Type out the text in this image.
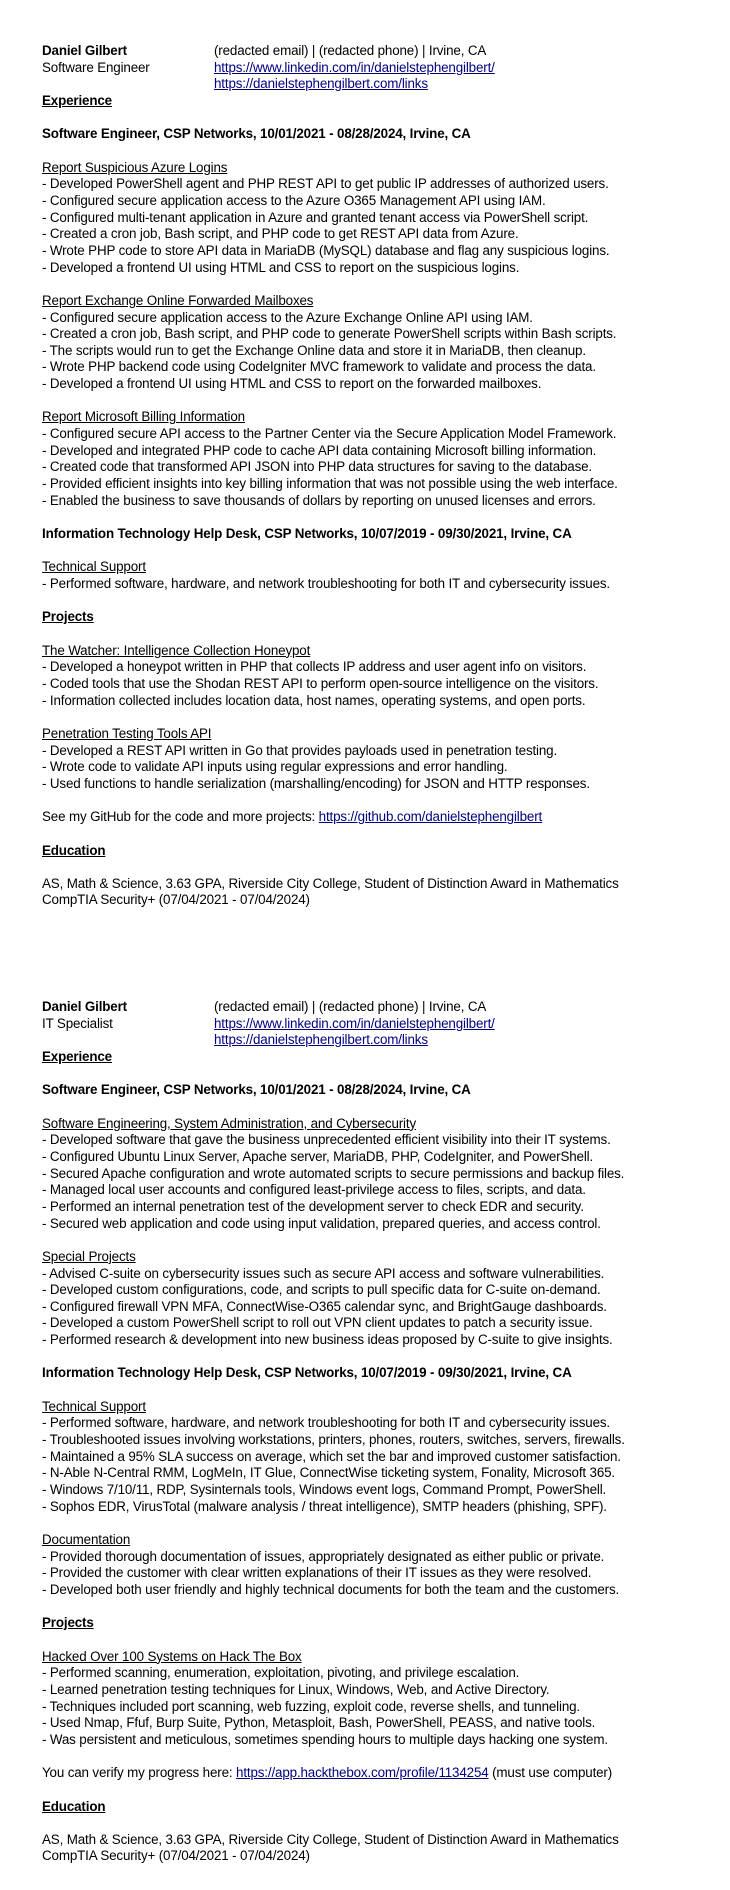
Daniel Gilbert
Software Engineer
(redacted email) | (redacted phone) | Irvine, CA
https://www.linkedin.com/in/danielstephengilbert/
https://danielstephengilbert.com/links
Experience
Software Engineer, CSP Networks, 10/01/2021 - 08/28/2024, Irvine, CA
Report Suspicious Azure Logins
- Developed PowerShell agent and PHP REST API to get public IP addresses of authorized users.
- Configured secure application access to the Azure O365 Management API using IAM.
- Configured multi-tenant application in Azure and granted tenant access via PowerShell script.
- Created a cron job, Bash script, and PHP code to get REST API data from Azure.
- Wrote PHP code to store API data in MariaDB (MySQL) database and flag any suspicious logins.
- Developed a frontend UI using HTML and CSS to report on the suspicious logins.
Report Exchange Online Forwarded Mailboxes
- Configured secure application access to the Azure Exchange Online API using IAM.
- Created a cron job, Bash script, and PHP code to generate PowerShell scripts within Bash scripts.
- The scripts would run to get the Exchange Online data and store it in MariaDB, then cleanup.
- Wrote PHP backend code using CodeIgniter MVC framework to validate and process the data.
- Developed a frontend UI using HTML and CSS to report on the forwarded mailboxes.
Report Microsoft Billing Information
- Configured secure API access to the Partner Center via the Secure Application Model Framework.
- Developed and integrated PHP code to cache API data containing Microsoft billing information.
- Created code that transformed API JSON into PHP data structures for saving to the database.
- Provided efficient insights into key billing information that was not possible using the web interface.
- Enabled the business to save thousands of dollars by reporting on unused licenses and errors.
Information Technology Help Desk, CSP Networks, 10/07/2019 - 09/30/2021, Irvine, CA
Technical Support
- Performed software, hardware, and network troubleshooting for both IT and cybersecurity issues.
Projects
The Watcher: Intelligence Collection Honeypot
- Developed a honeypot written in PHP that collects IP address and user agent info on visitors.
- Coded tools that use the Shodan REST API to perform open-source intelligence on the visitors.
- Information collected includes location data, host names, operating systems, and open ports.
Penetration Testing Tools API
- Developed a REST API written in Go that provides payloads used in penetration testing.
- Wrote code to validate API inputs using regular expressions and error handling.
- Used functions to handle serialization (marshalling/encoding) for JSON and HTTP responses.
See my GitHub for the code and more projects: https://github.com/danielstephengilbert
Education
AS, Math & Science, 3.63 GPA, Riverside City College, Student of Distinction Award in Mathematics
CompTIA Security+ (07/04/2021 - 07/04/2024)
Daniel Gilbert
IT Specialist
(redacted email) | (redacted phone) | Irvine, CA
https://www.linkedin.com/in/danielstephengilbert/
https://danielstephengilbert.com/links
Experience
Software Engineer, CSP Networks, 10/01/2021 - 08/28/2024, Irvine, CA
Software Engineering, System Administration, and Cybersecurity
- Developed software that gave the business unprecedented efficient visibility into their IT systems.
- Configured Ubuntu Linux Server, Apache server, MariaDB, PHP, CodeIgniter, and PowerShell.
- Secured Apache configuration and wrote automated scripts to secure permissions and backup files.
- Managed local user accounts and configured least-privilege access to files, scripts, and data.
- Performed an internal penetration test of the development server to check EDR and security.
- Secured web application and code using input validation, prepared queries, and access control.
Special Projects
- Advised C-suite on cybersecurity issues such as secure API access and software vulnerabilities.
- Developed custom configurations, code, and scripts to pull specific data for C-suite on-demand.
- Configured firewall VPN MFA, ConnectWise-O365 calendar sync, and BrightGauge dashboards.
- Developed a custom PowerShell script to roll out VPN client updates to patch a security issue.
- Performed research & development into new business ideas proposed by C-suite to give insights.
Information Technology Help Desk, CSP Networks, 10/07/2019 - 09/30/2021, Irvine, CA
Technical Support
- Performed software, hardware, and network troubleshooting for both IT and cybersecurity issues.
- Troubleshooted issues involving workstations, printers, phones, routers, switches, servers, firewalls.
- Maintained a 95% SLA success on average, which set the bar and improved customer satisfaction.
- N-Able N-Central RMM, LogMeIn, IT Glue, ConnectWise ticketing system, Fonality, Microsoft 365.
- Windows 7/10/11, RDP, Sysinternals tools, Windows event logs, Command Prompt, PowerShell.
- Sophos EDR, VirusTotal (malware analysis / threat intelligence), SMTP headers (phishing, SPF).
Documentation
- Provided thorough documentation of issues, appropriately designated as either public or private.
- Provided the customer with clear written explanations of their IT issues as they were resolved.
- Developed both user friendly and highly technical documents for both the team and the customers.
Projects
Hacked Over 100 Systems on Hack The Box
- Performed scanning, enumeration, exploitation, pivoting, and privilege escalation.
- Learned penetration testing techniques for Linux, Windows, Web, and Active Directory.
- Techniques included port scanning, web fuzzing, exploit code, reverse shells, and tunneling.
- Used Nmap, Ffuf, Burp Suite, Python, Metasploit, Bash, PowerShell, PEASS, and native tools.
- Was persistent and meticulous, sometimes spending hours to multiple days hacking one system.
You can verify my progress here: https://app.hackthebox.com/profile/1134254 (must use computer)
Education
AS, Math & Science, 3.63 GPA, Riverside City College, Student of Distinction Award in Mathematics
CompTIA Security+ (07/04/2021 - 07/04/2024)
